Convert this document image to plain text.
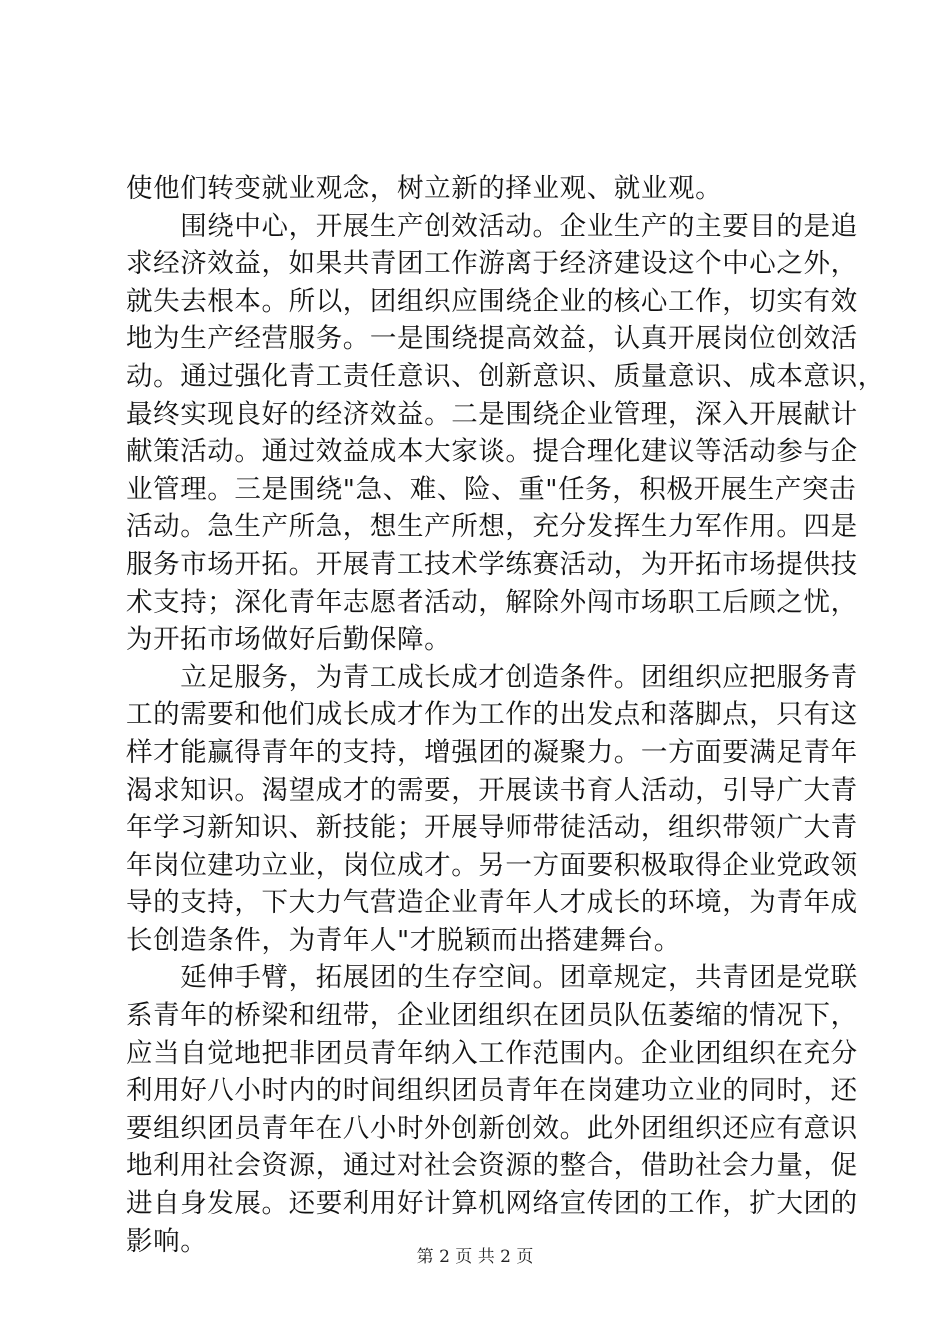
使他们转变就业观念，树立新的择业观、就业观。
　　围绕中心，开展生产创效活动。企业生产的主要目的是追
求经济效益，如果共青团工作游离于经济建设这个中心之外，
就失去根本。所以，团组织应围绕企业的核心工作，切实有效
地为生产经营服务。一是围绕提高效益，认真开展岗位创效活
动。通过强化青工责任意识、创新意识、质量意识、成本意识，
最终实现良好的经济效益。二是围绕企业管理，深入开展献计
献策活动。通过效益成本大家谈。提合理化建议等活动参与企
业管理。三是围绕"急、难、险、重"任务，积极开展生产突击
活动。急生产所急，想生产所想，充分发挥生力军作用。四是
服务市场开拓。开展青工技术学练赛活动，为开拓市场提供技
术支持；深化青年志愿者活动，解除外闯市场职工后顾之忧，
为开拓市场做好后勤保障。
　　立足服务，为青工成长成才创造条件。团组织应把服务青
工的需要和他们成长成才作为工作的出发点和落脚点，只有这
样才能赢得青年的支持，增强团的凝聚力。一方面要满足青年
渴求知识。渴望成才的需要，开展读书育人活动，引导广大青
年学习新知识、新技能；开展导师带徒活动，组织带领广大青
年岗位建功立业，岗位成才。另一方面要积极取得企业党政领
导的支持，下大力气营造企业青年人才成长的环境，为青年成
长创造条件，为青年人"才脱颖而出搭建舞台。
　　延伸手臂，拓展团的生存空间。团章规定，共青团是党联
系青年的桥梁和纽带，企业团组织在团员队伍萎缩的情况下，
应当自觉地把非团员青年纳入工作范围内。企业团组织在充分
利用好八小时内的时间组织团员青年在岗建功立业的同时，还
要组织团员青年在八小时外创新创效。此外团组织还应有意识
地利用社会资源，通过对社会资源的整合，借助社会力量，促
进自身发展。还要利用好计算机网络宣传团的工作，扩大团的
影响。
第 2 页 共 2 页
